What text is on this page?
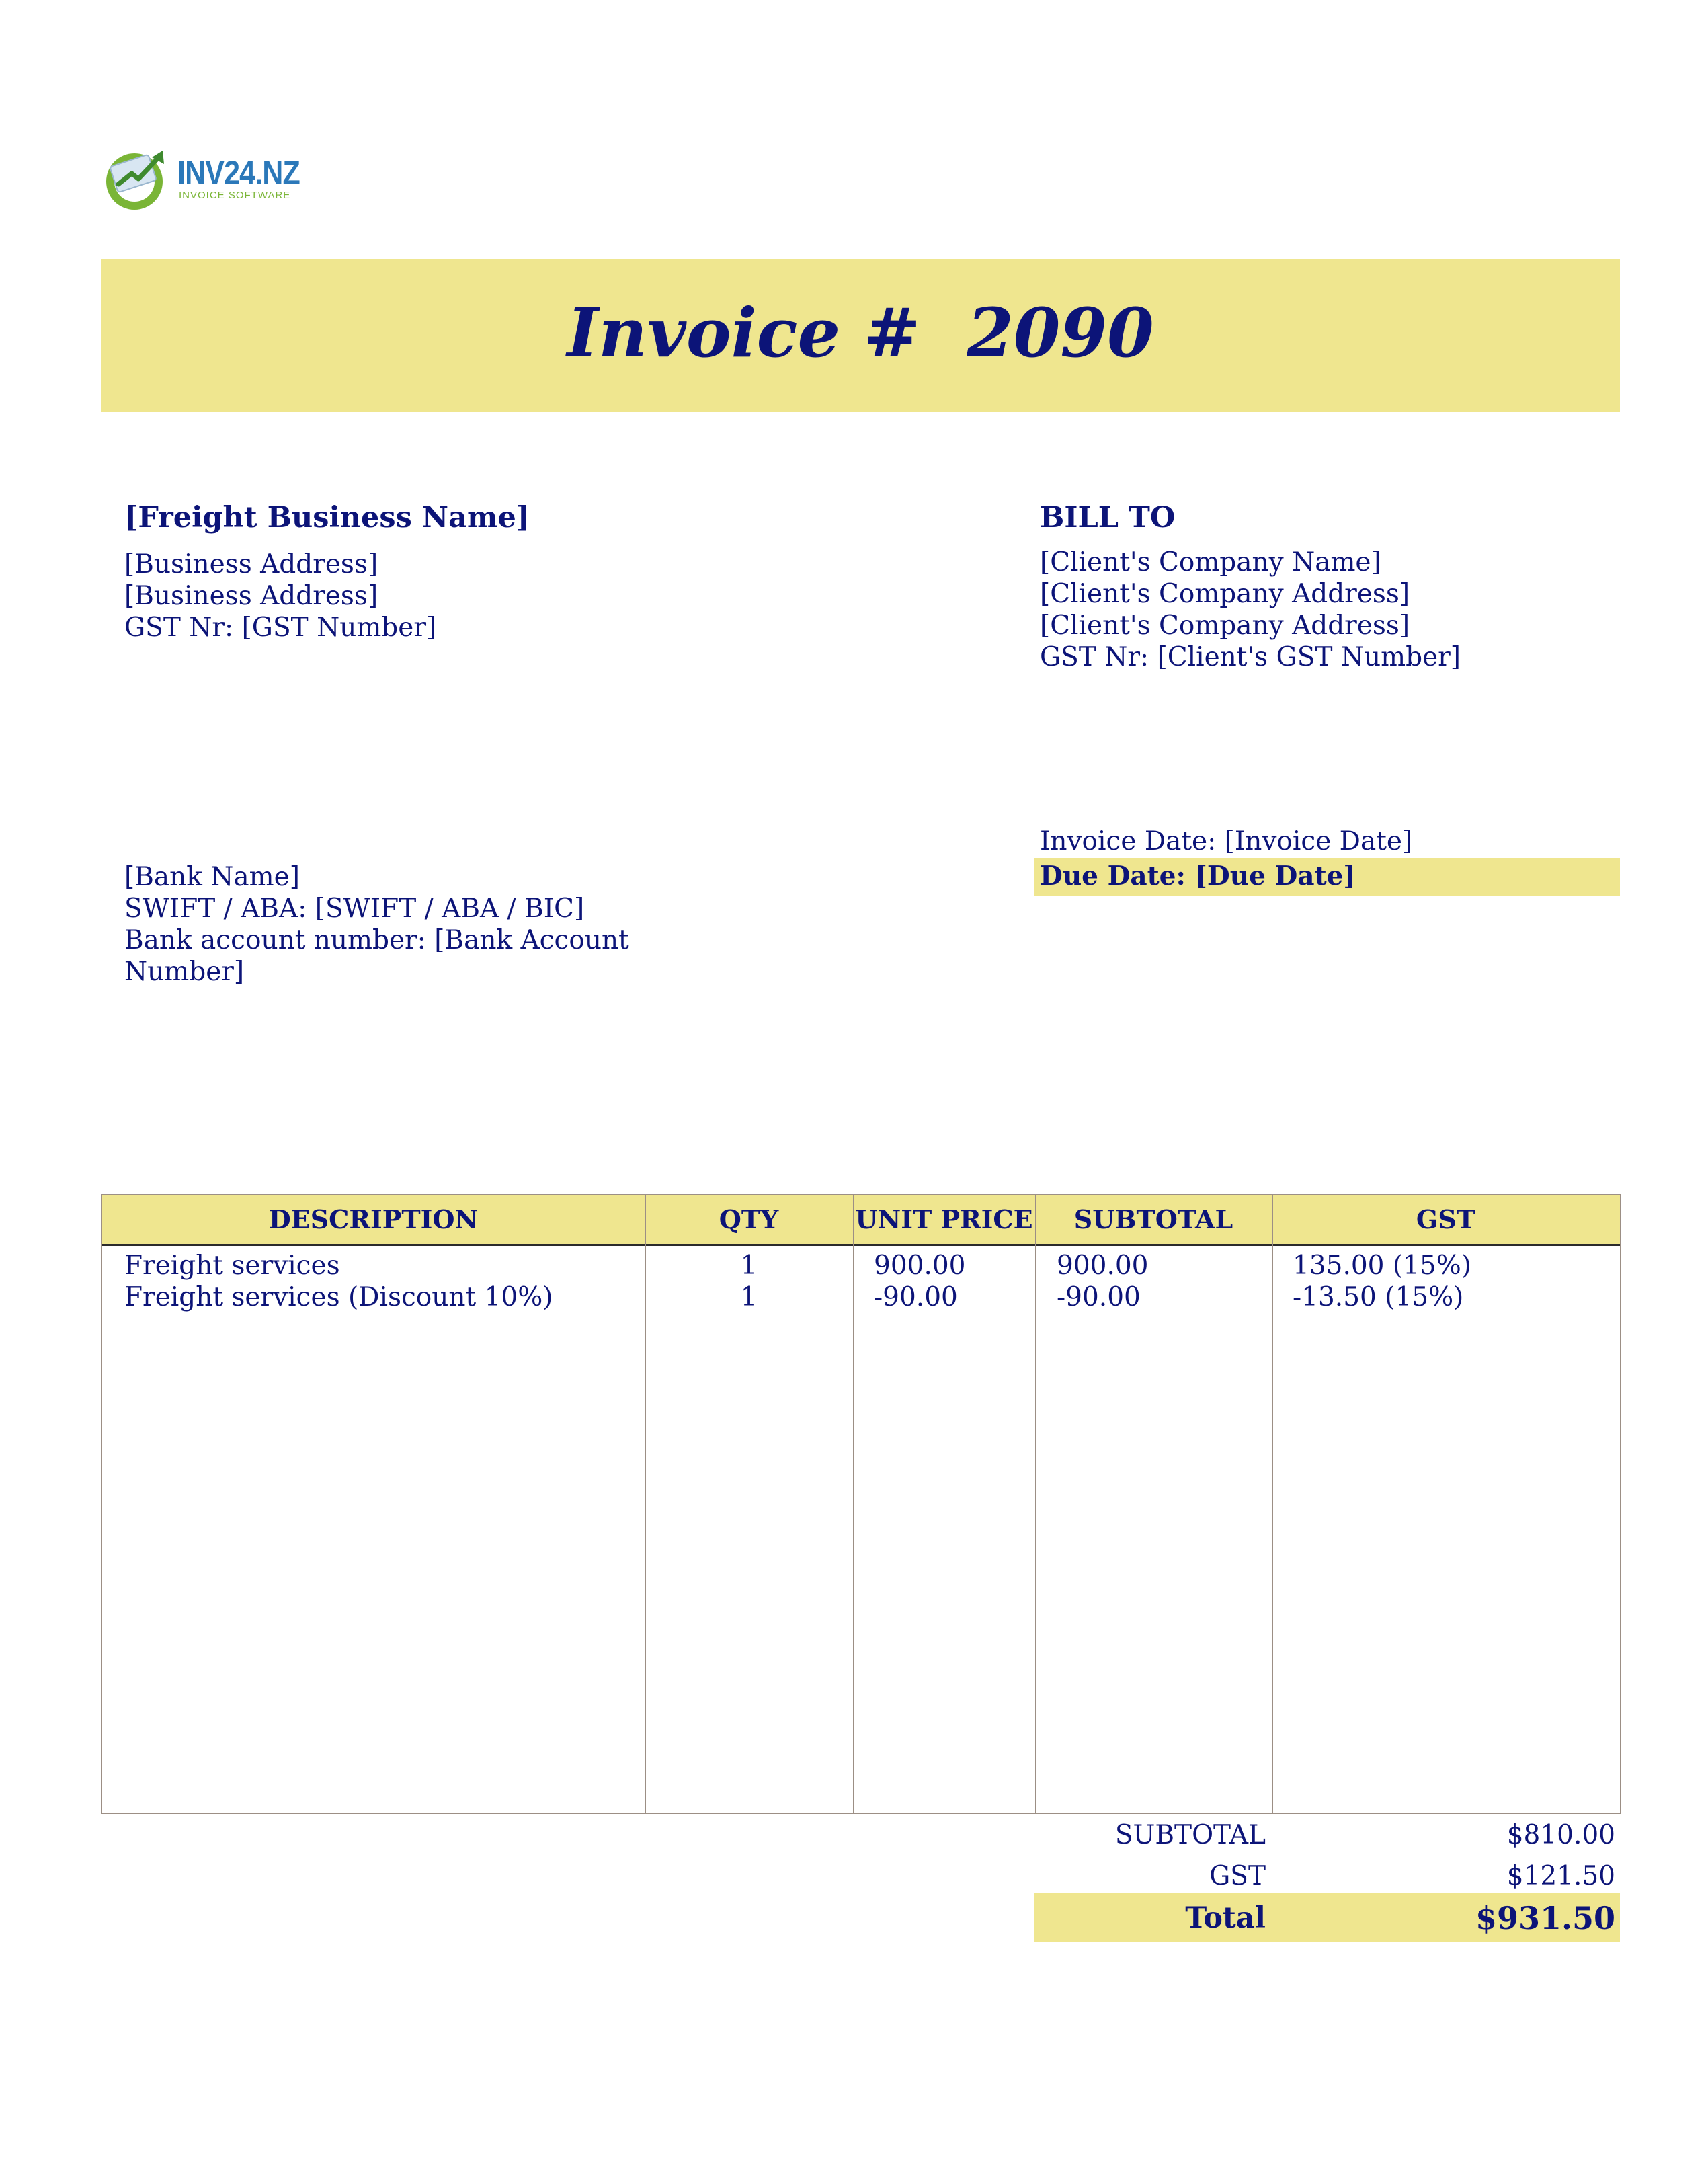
INV24.NZ
INVOICE SOFTWARE
Invoice #  2090
[Freight Business Name]
[Business Address]
[Business Address]
GST Nr: [GST Number]
BILL TO
[Client's Company Name]
[Client's Company Address]
[Client's Company Address]
GST Nr: [Client's GST Number]
Invoice Date: [Invoice Date]
Due Date: [Due Date]
[Bank Name]
SWIFT / ABA: [SWIFT / ABA / BIC]
Bank account number: [Bank Account
Number]
DESCRIPTION	QTY	UNIT PRICE	SUBTOTAL	GST
Freight services	1	900.00	900.00	135.00 (15%)
Freight services (Discount 10%)	1	-90.00	-90.00	-13.50 (15%)
SUBTOTAL	$810.00
GST	$121.50
Total	$931.50
